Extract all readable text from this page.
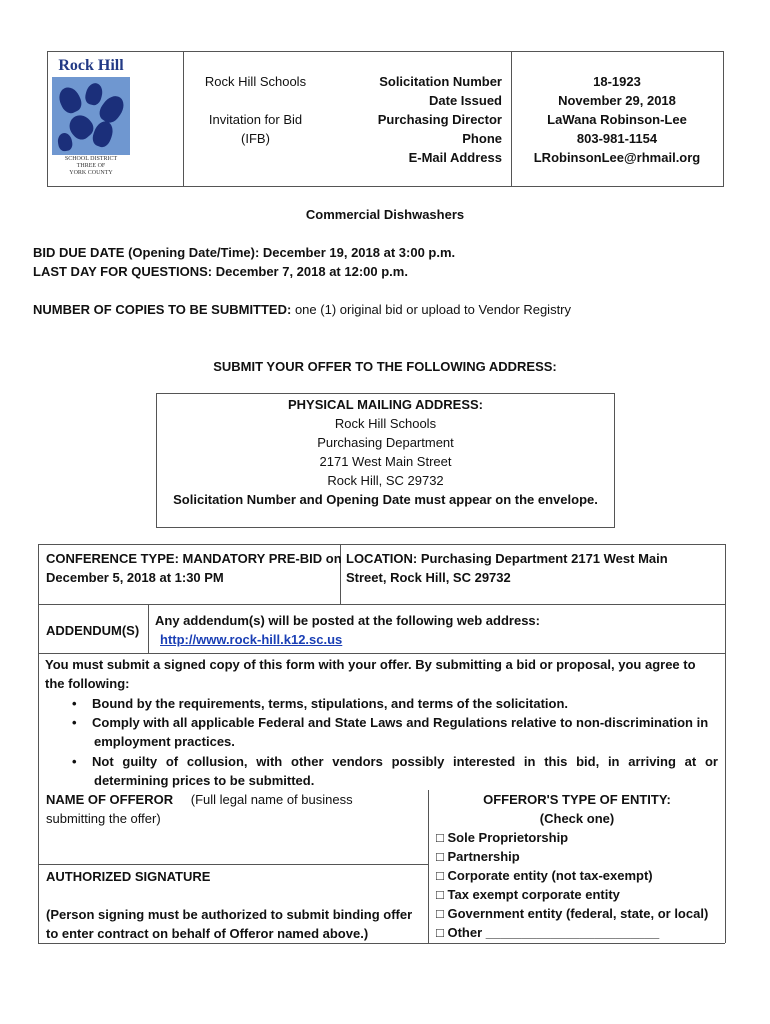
Rock Hill
SCHOOL DISTRICT
THREE OF
YORK COUNTY
Rock Hill Schools
Invitation for Bid
(IFB)
Solicitation Number
Date Issued
Purchasing Director
Phone
E-Mail Address
18-1923
November 29, 2018
LaWana Robinson-Lee
803-981-1154
LRobinsonLee@rhmail.org
Commercial Dishwashers
BID DUE DATE (Opening Date/Time): December 19, 2018 at 3:00 p.m.
LAST DAY FOR QUESTIONS: December 7, 2018 at 12:00 p.m.
NUMBER OF COPIES TO BE SUBMITTED: one (1) original bid or upload to Vendor Registry
SUBMIT YOUR OFFER TO THE FOLLOWING ADDRESS:
PHYSICAL MAILING ADDRESS:
Rock Hill Schools
Purchasing Department
2171 West Main Street
Rock Hill, SC 29732
Solicitation Number and Opening Date must appear on the envelope.
CONFERENCE TYPE: MANDATORY PRE-BID on
December 5, 2018 at 1:30 PM
LOCATION: Purchasing Department 2171 West Main
Street, Rock Hill, SC 29732
ADDENDUM(S)
Any addendum(s) will be posted at the following web address:
http://www.rock-hill.k12.sc.us
You must submit a signed copy of this form with your offer. By submitting a bid or proposal, you agree to
the following:
• Bound by the requirements, terms, stipulations, and terms of the solicitation.
• Comply with all applicable Federal and State Laws and Regulations relative to non-discrimination in
employment practices.
• Not guilty of collusion, with other vendors possibly interested in this bid, in arriving at or
determining prices to be submitted.
NAME OF OFFEROR (Full legal name of business
submitting the offer)
AUTHORIZED SIGNATURE
(Person signing must be authorized to submit binding offer
to enter contract on behalf of Offeror named above.)
OFFEROR'S TYPE OF ENTITY:
(Check one)
□ Sole Proprietorship
□ Partnership
□ Corporate entity (not tax-exempt)
□ Tax exempt corporate entity
□ Government entity (federal, state, or local)
□ Other ________________________
